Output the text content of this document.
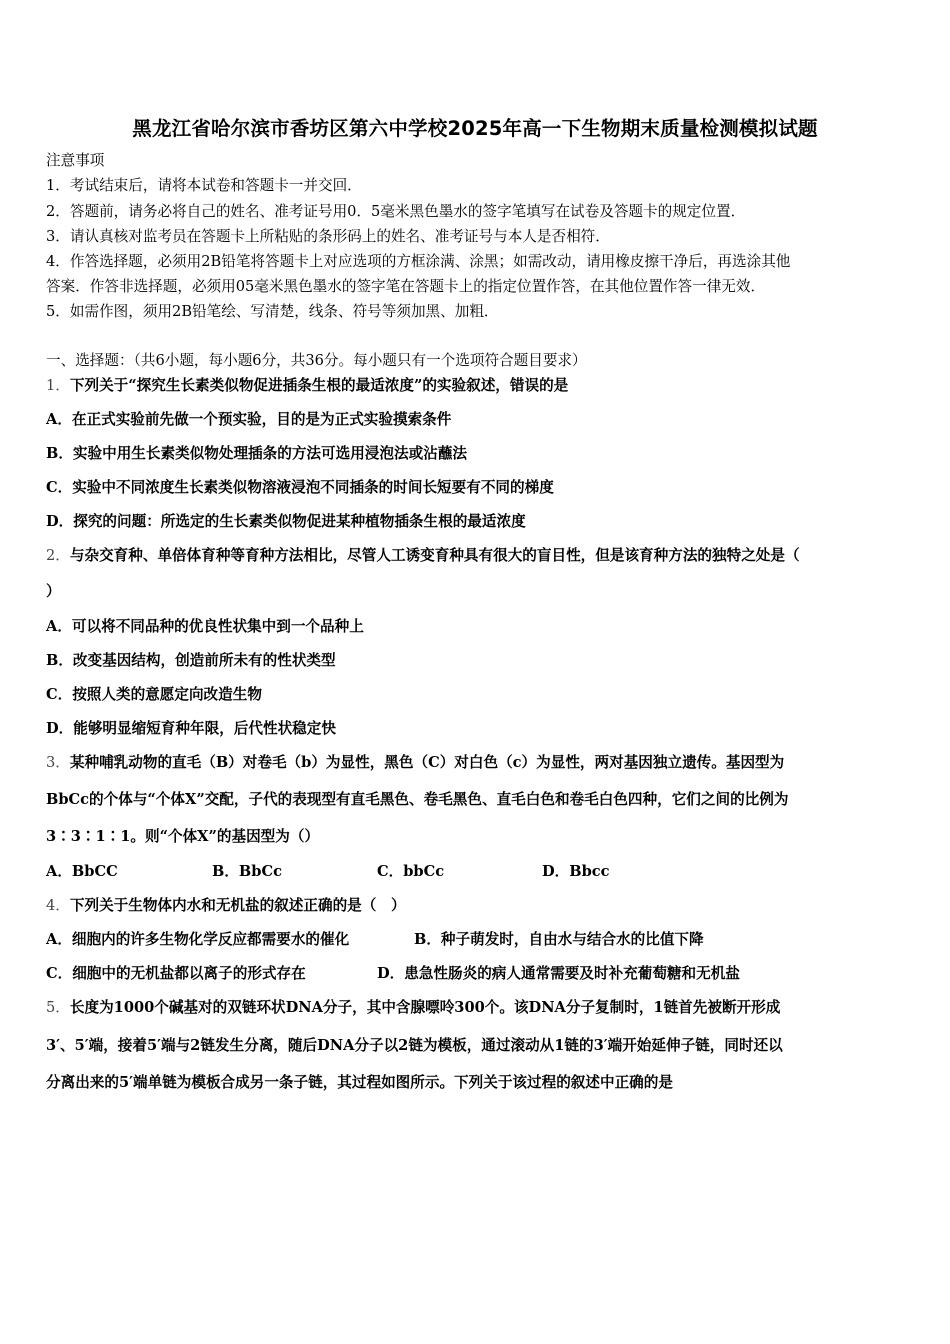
黑龙江省哈尔滨市香坊区第六中学校2025年高一下生物期末质量检测模拟试题
注意事项
1．考试结束后，请将本试卷和答题卡一并交回．
2．答题前，请务必将自己的姓名、准考证号用0．5毫米黑色墨水的签字笔填写在试卷及答题卡的规定位置．
3．请认真核对监考员在答题卡上所粘贴的条形码上的姓名、准考证号与本人是否相符．
4．作答选择题，必须用2B铅笔将答题卡上对应选项的方框涂满、涂黑；如需改动，请用橡皮擦干净后，再选涂其他
答案．作答非选择题，必须用05毫米黑色墨水的签字笔在答题卡上的指定位置作答，在其他位置作答一律无效．
5．如需作图，须用2B铅笔绘、写清楚，线条、符号等须加黑、加粗．
一、选择题：（共6小题，每小题6分，共36分。每小题只有一个选项符合题目要求）
1．下列关于“探究生长素类似物促进插条生根的最适浓度”的实验叙述，错误的是
A．在正式实验前先做一个预实验，目的是为正式实验摸索条件
B．实验中用生长素类似物处理插条的方法可选用浸泡法或沾蘸法
C．实验中不同浓度生长素类似物溶液浸泡不同插条的时间长短要有不同的梯度
D．探究的问题：所选定的生长素类似物促进某种植物插条生根的最适浓度
2．与杂交育种、单倍体育种等育种方法相比，尽管人工诱变育种具有很大的盲目性，但是该育种方法的独特之处是（
）
A．可以将不同品种的优良性状集中到一个品种上
B．改变基因结构，创造前所未有的性状类型
C．按照人类的意愿定向改造生物
D．能够明显缩短育种年限，后代性状稳定快
3．某种哺乳动物的直毛（B）对卷毛（b）为显性，黑色（C）对白色（c）为显性，两对基因独立遗传。基因型为
BbCc的个体与“个体X”交配，子代的表现型有直毛黑色、卷毛黑色、直毛白色和卷毛白色四种，它们之间的比例为
3∶3∶1∶1。则“个体X”的基因型为（）
A．BbCC	B．BbCc	C．bbCc	D．Bbcc
4．下列关于生物体内水和无机盐的叙述正确的是（　）
A．细胞内的许多生物化学反应都需要水的催化	B．种子萌发时，自由水与结合水的比值下降
C．细胞中的无机盐都以离子的形式存在	D．患急性肠炎的病人通常需要及时补充葡萄糖和无机盐
5．长度为1000个碱基对的双链环状DNA分子，其中含腺嘌呤300个。该DNA分子复制时，1链首先被断开形成
3′、5′端，接着5′端与2链发生分离，随后DNA分子以2链为模板，通过滚动从1链的3′端开始延伸子链，同时还以
分离出来的5′端单链为模板合成另一条子链，其过程如图所示。下列关于该过程的叙述中正确的是
